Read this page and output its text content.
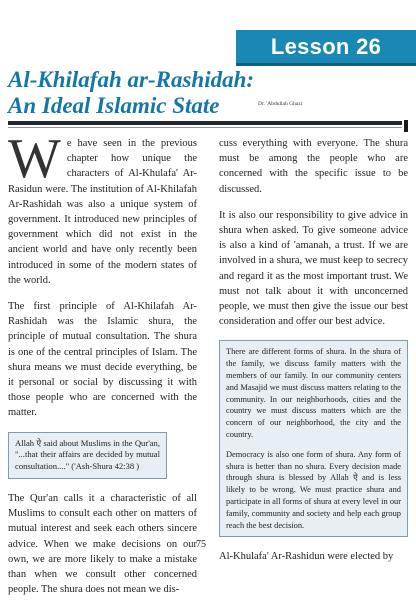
Lesson 26
Al-Khilafah ar-Rashidah:
An Ideal Islamic State	Dr. 'Abdullah Ghazi

We have seen in the previous chapter how unique the characters of Al-Khulafa' Ar-Rasidun were. The institution of Al-Khilafah Ar-Rashidah was also a unique system of government. It introduced new principles of government which did not exist in the ancient world and have only recently been introduced in some of the modern states of the world.

The first principle of Al-Khilafah Ar-Rashidah was the Islamic shura, the principle of mutual consultation. The shura is one of the central principles of Islam. The shura means we must decide everything, be it personal or social by discussing it with those people who are concerned with the matter.

Allah ऐ said about Muslims in the Qur'an, "...that their affairs are decided by mutual consultation...." ('Ash-Shura 42:38 )

The Qur'an calls it a characteristic of all Muslims to consult each other on matters of mutual interest and seek each others sincere advice. When we make decisions on our own, we are more likely to make a mistake than when we consult other concerned people. The shura does not mean we dis-

cuss everything with everyone. The shura must be among the people who are concerned with the specific issue to be discussed.

It is also our responsibility to give advice in shura when asked. To give someone advice is also a kind of 'amanah, a trust. If we are involved in a shura, we must keep to secrecy and regard it as the most important trust. We must not talk about it with unconcerned people, we must then give the issue our best consideration and offer our best advice.

There are different forms of shura. In the shura of the family, we discuss family matters with the members of our family. In our community centers and Masajid we must discuss matters relating to the community. In our neighborhoods, cities and the country we must discuss matters which are the concern of our neighborhood, the city and the country.

Democracy is also one form of shura. Any form of shura is better than no shura. Every decision made through shura is blessed by Allah ऐ and is less likely to be wrong. We must practice shura and participate in all forms of shura at every level in our family, community and society and help each group reach the best decision.

Al-Khulafa' Ar-Rashidun were elected by

75
